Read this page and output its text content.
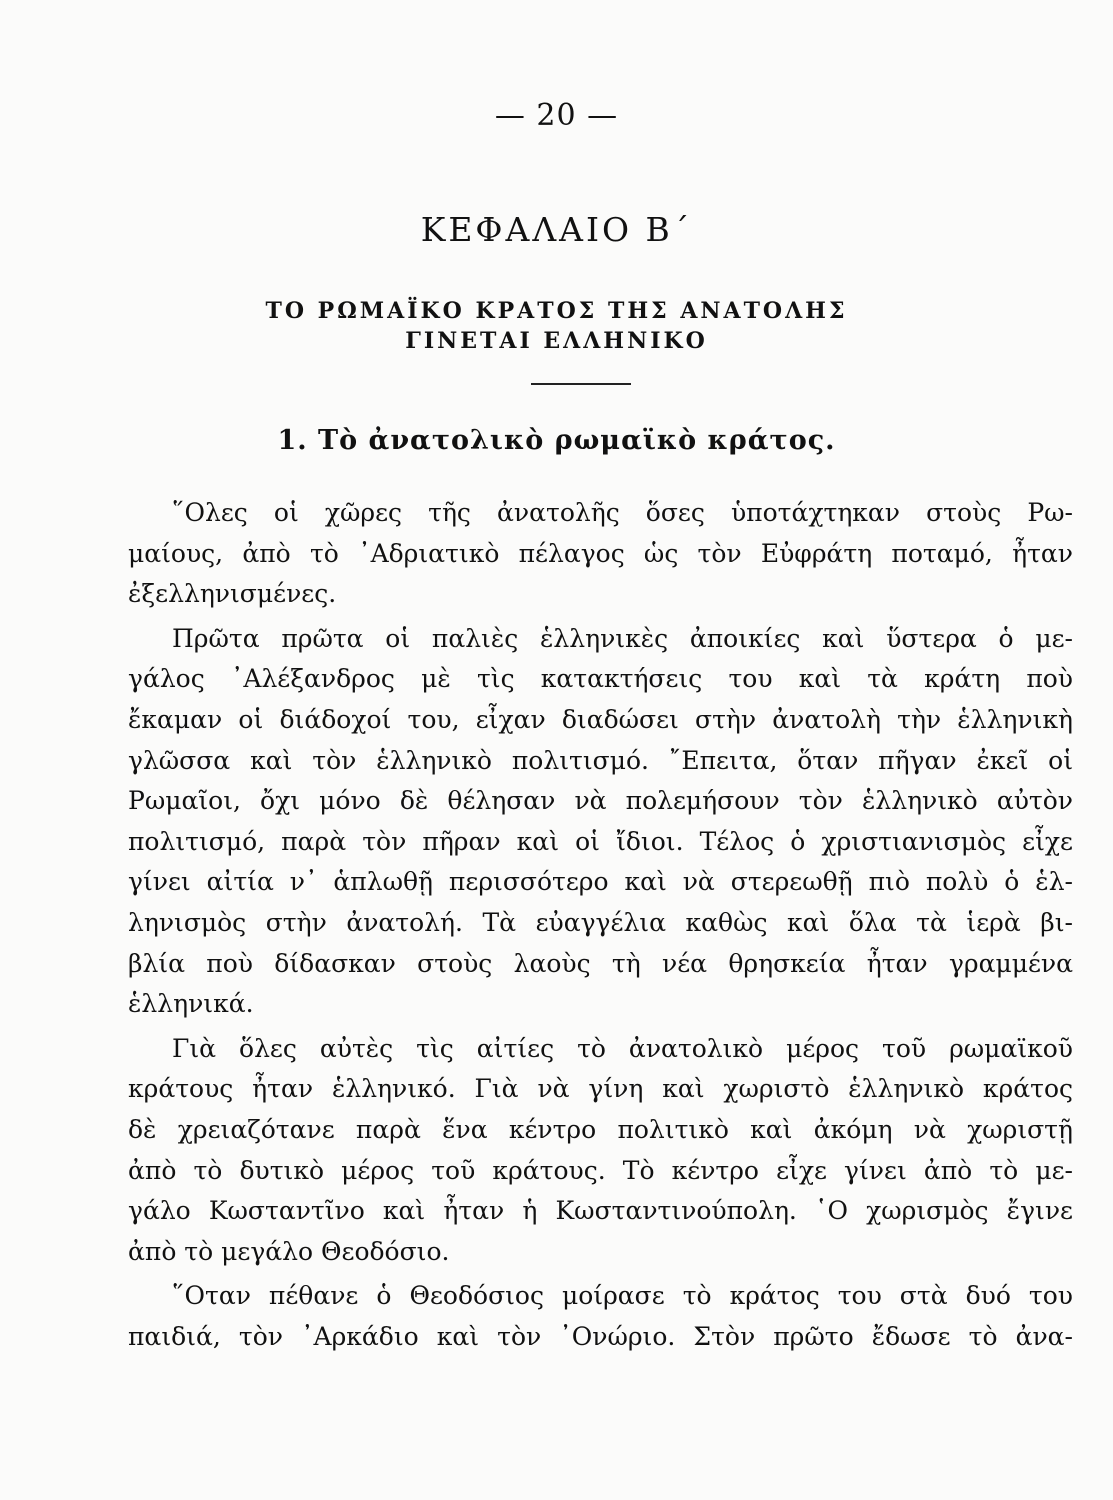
— 20 —
ΚΕΦΑΛΑΙΟ Β΄
ΤΟ ΡΩΜΑΪΚΟ ΚΡΑΤΟΣ ΤΗΣ ΑΝΑΤΟΛΗΣ
ΓΙΝΕΤΑΙ ΕΛΛΗΝΙΚΟ
1. Τὸ ἀνατολικὸ ρωμαϊκὸ κράτος.
῞Ολες οἱ χῶρες τῆς ἀνατολῆς ὅσες ὑποτάχτηκαν στοὺς Ρω-
μαίους, ἀπὸ τὸ ᾿Αδριατικὸ πέλαγος ὡς τὸν Εὐφράτη ποταμό, ἦταν
ἐξελληνισμένες.
Πρῶτα πρῶτα οἱ παλιὲς ἑλληνικὲς ἀποικίες καὶ ὕστερα ὁ με-
γάλος ᾿Αλέξανδρος μὲ τὶς κατακτήσεις του καὶ τὰ κράτη ποὺ
ἔκαμαν οἱ διάδοχοί του, εἶχαν διαδώσει στὴν ἀνατολὴ τὴν ἑλληνικὴ
γλῶσσα καὶ τὸν ἑλληνικὸ πολιτισμό. ῎Επειτα, ὅταν πῆγαν ἐκεῖ οἱ
Ρωμαῖοι, ὄχι μόνο δὲ θέλησαν νὰ πολεμήσουν τὸν ἑλληνικὸ αὐτὸν
πολιτισμό, παρὰ τὸν πῆραν καὶ οἱ ἴδιοι. Τέλος ὁ χριστιανισμὸς εἶχε
γίνει αἰτία ν᾿ ἁπλωθῇ περισσότερο καὶ νὰ στερεωθῇ πιὸ πολὺ ὁ ἑλ-
ληνισμὸς στὴν ἀνατολή. Τὰ εὐαγγέλια καθὼς καὶ ὅλα τὰ ἱερὰ βι-
βλία ποὺ δίδασκαν στοὺς λαοὺς τὴ νέα θρησκεία ἦταν γραμμένα
ἑλληνικά.
Γιὰ ὅλες αὐτὲς τὶς αἰτίες τὸ ἀνατολικὸ μέρος τοῦ ρωμαϊκοῦ
κράτους ἦταν ἑλληνικό. Γιὰ νὰ γίνη καὶ χωριστὸ ἑλληνικὸ κράτος
δὲ χρειαζότανε παρὰ ἕνα κέντρο πολιτικὸ καὶ ἀκόμη νὰ χωριστῇ
ἀπὸ τὸ δυτικὸ μέρος τοῦ κράτους. Τὸ κέντρο εἶχε γίνει ἀπὸ τὸ με-
γάλο Κωσταντῖνο καὶ ἦταν ἡ Κωσταντινούπολη. ῾Ο χωρισμὸς ἔγινε
ἀπὸ τὸ μεγάλο Θεοδόσιο.
῞Οταν πέθανε ὁ Θεοδόσιος μοίρασε τὸ κράτος του στὰ δυό του
παιδιά, τὸν ᾿Αρκάδιο καὶ τὸν ᾿Ονώριο. Στὸν πρῶτο ἔδωσε τὸ ἀνα-
